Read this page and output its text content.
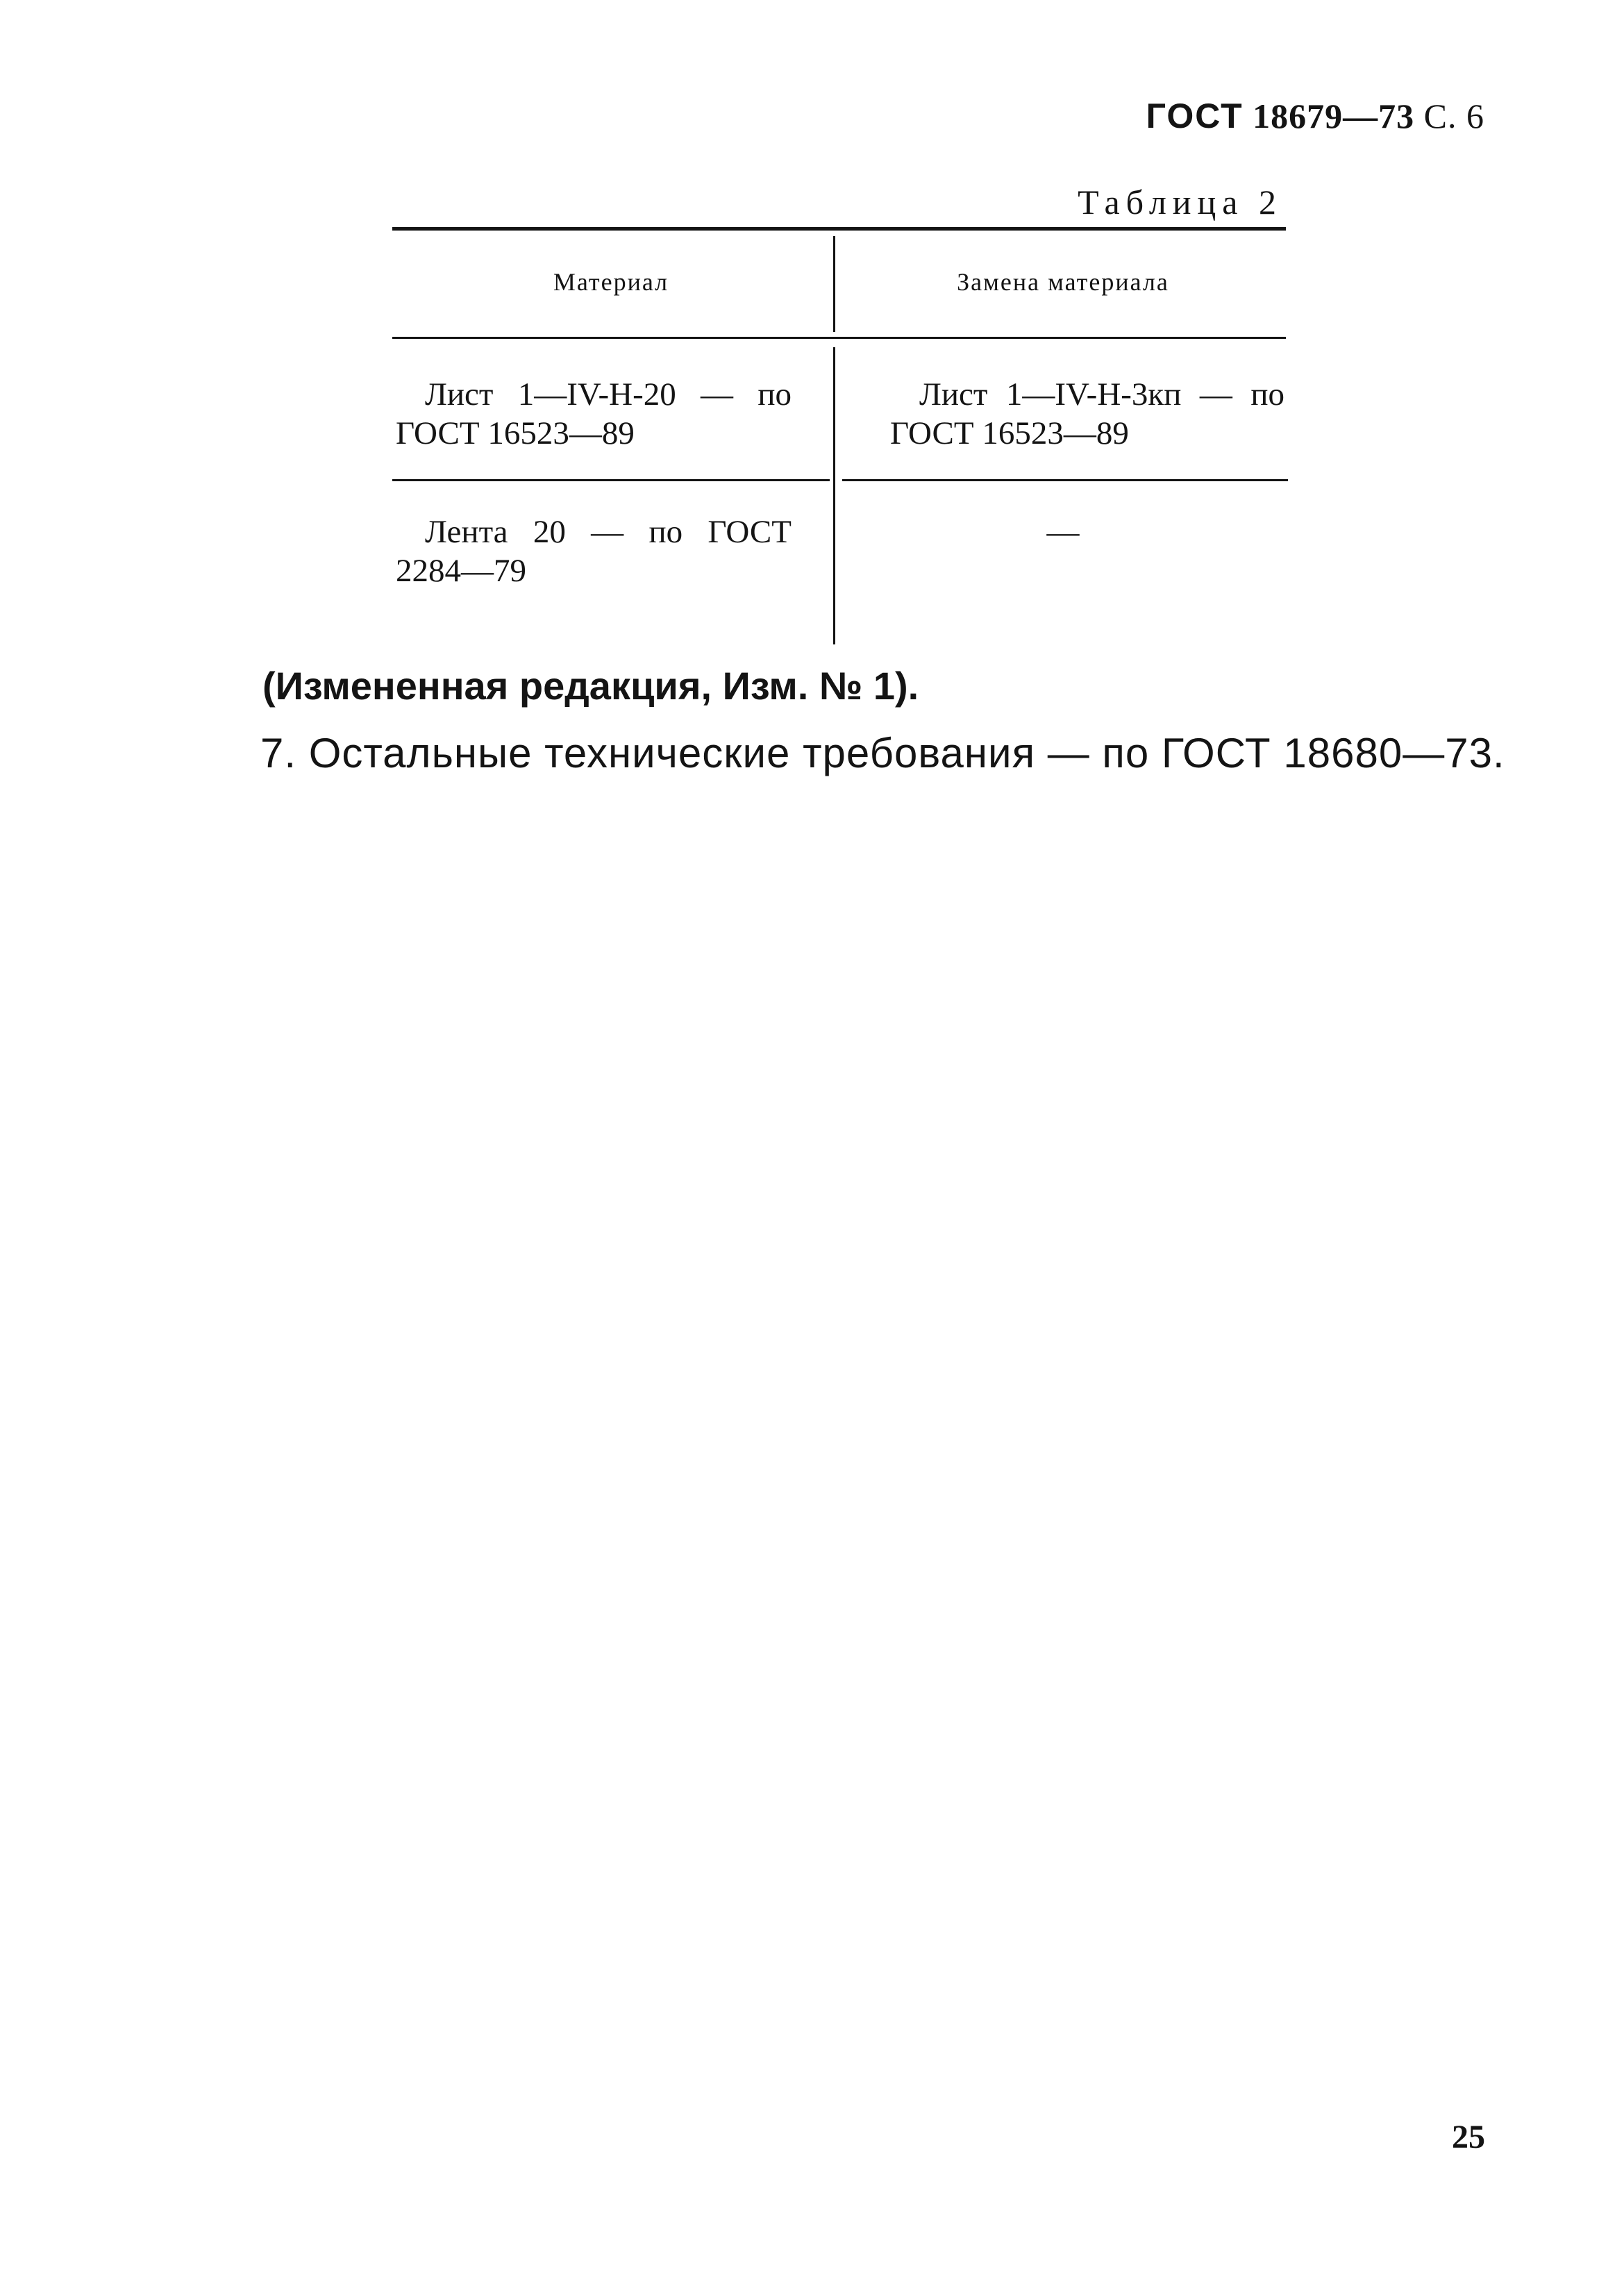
ГОСТ 18679—73 С. 6
Таблица 2
Материал	Замена материала
Лист 1—IV-Н-20 — по ГОСТ 16523—89
Лист 1—IV-Н-3кп — по ГОСТ 16523—89
Лента 20 — по ГОСТ 2284—79
—
(Измененная редакция, Изм. № 1).
7. Остальные технические требования — по ГОСТ 18680—73.
25
